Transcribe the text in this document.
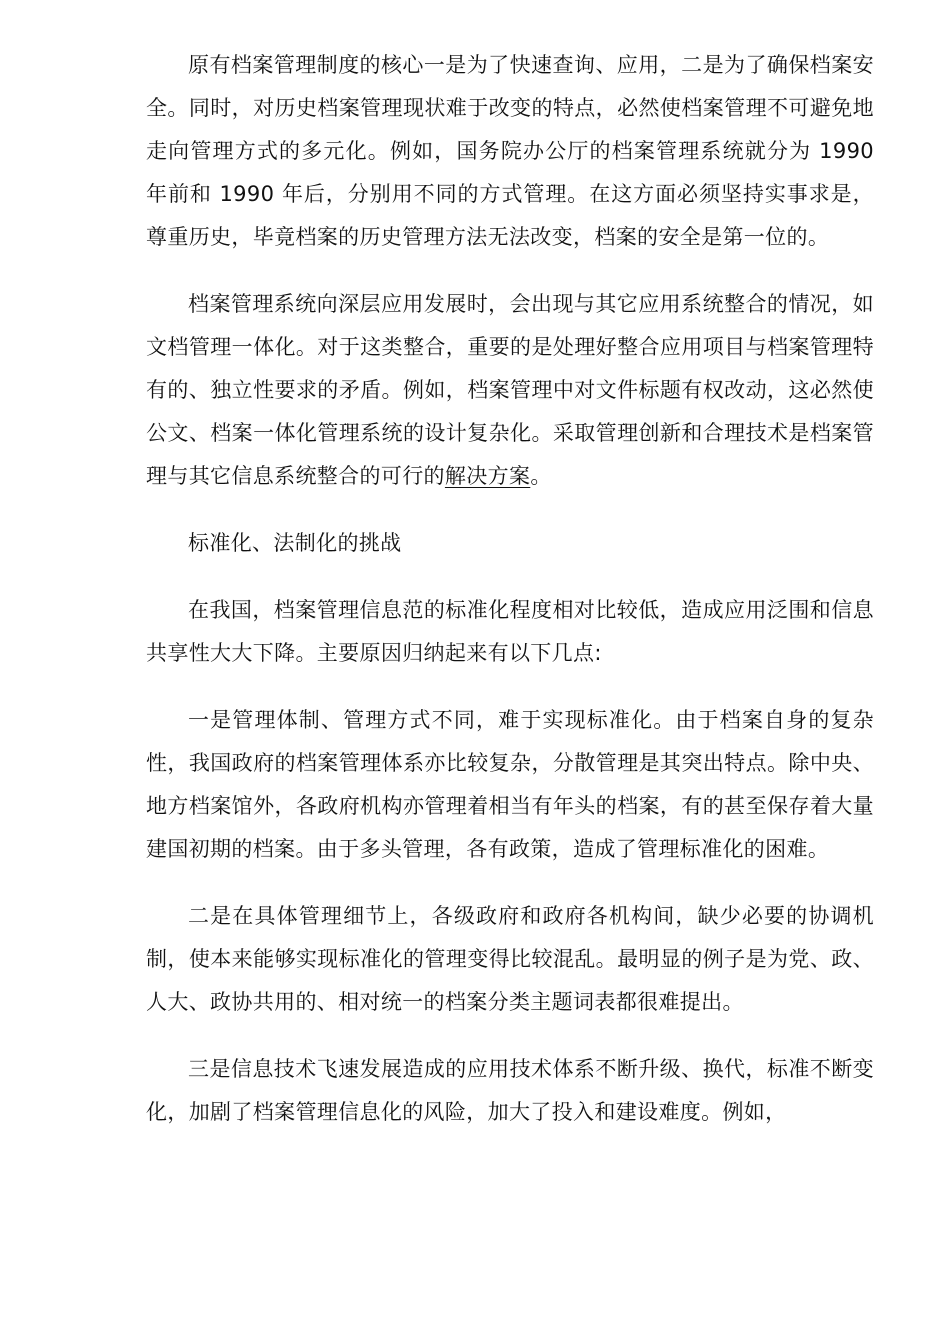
原有档案管理制度的核心一是为了快速查询、应用，二是为了确保档案安全。同时，对历史档案管理现状难于改变的特点，必然使档案管理不可避免地走向管理方式的多元化。例如，国务院办公厅的档案管理系统就分为 1990 年前和 1990 年后，分别用不同的方式管理。在这方面必须坚持实事求是，尊重历史，毕竟档案的历史管理方法无法改变，档案的安全是第一位的。

档案管理系统向深层应用发展时，会出现与其它应用系统整合的情况，如文档管理一体化。对于这类整合，重要的是处理好整合应用项目与档案管理特有的、独立性要求的矛盾。例如，档案管理中对文件标题有权改动，这必然使公文、档案一体化管理系统的设计复杂化。采取管理创新和合理技术是档案管理与其它信息系统整合的可行的解决方案。

标准化、法制化的挑战

在我国，档案管理信息范的标准化程度相对比较低，造成应用泛围和信息共享性大大下降。主要原因归纳起来有以下几点:

一是管理体制、管理方式不同，难于实现标准化。由于档案自身的复杂性，我国政府的档案管理体系亦比较复杂，分散管理是其突出特点。除中央、地方档案馆外，各政府机构亦管理着相当有年头的档案，有的甚至保存着大量建国初期的档案。由于多头管理，各有政策，造成了管理标准化的困难。

二是在具体管理细节上，各级政府和政府各机构间，缺少必要的协调机制，使本来能够实现标准化的管理变得比较混乱。最明显的例子是为党、政、人大、政协共用的、相对统一的档案分类主题词表都很难提出。

三是信息技术飞速发展造成的应用技术体系不断升级、换代，标准不断变化，加剧了档案管理信息化的风险，加大了投入和建设难度。例如，
